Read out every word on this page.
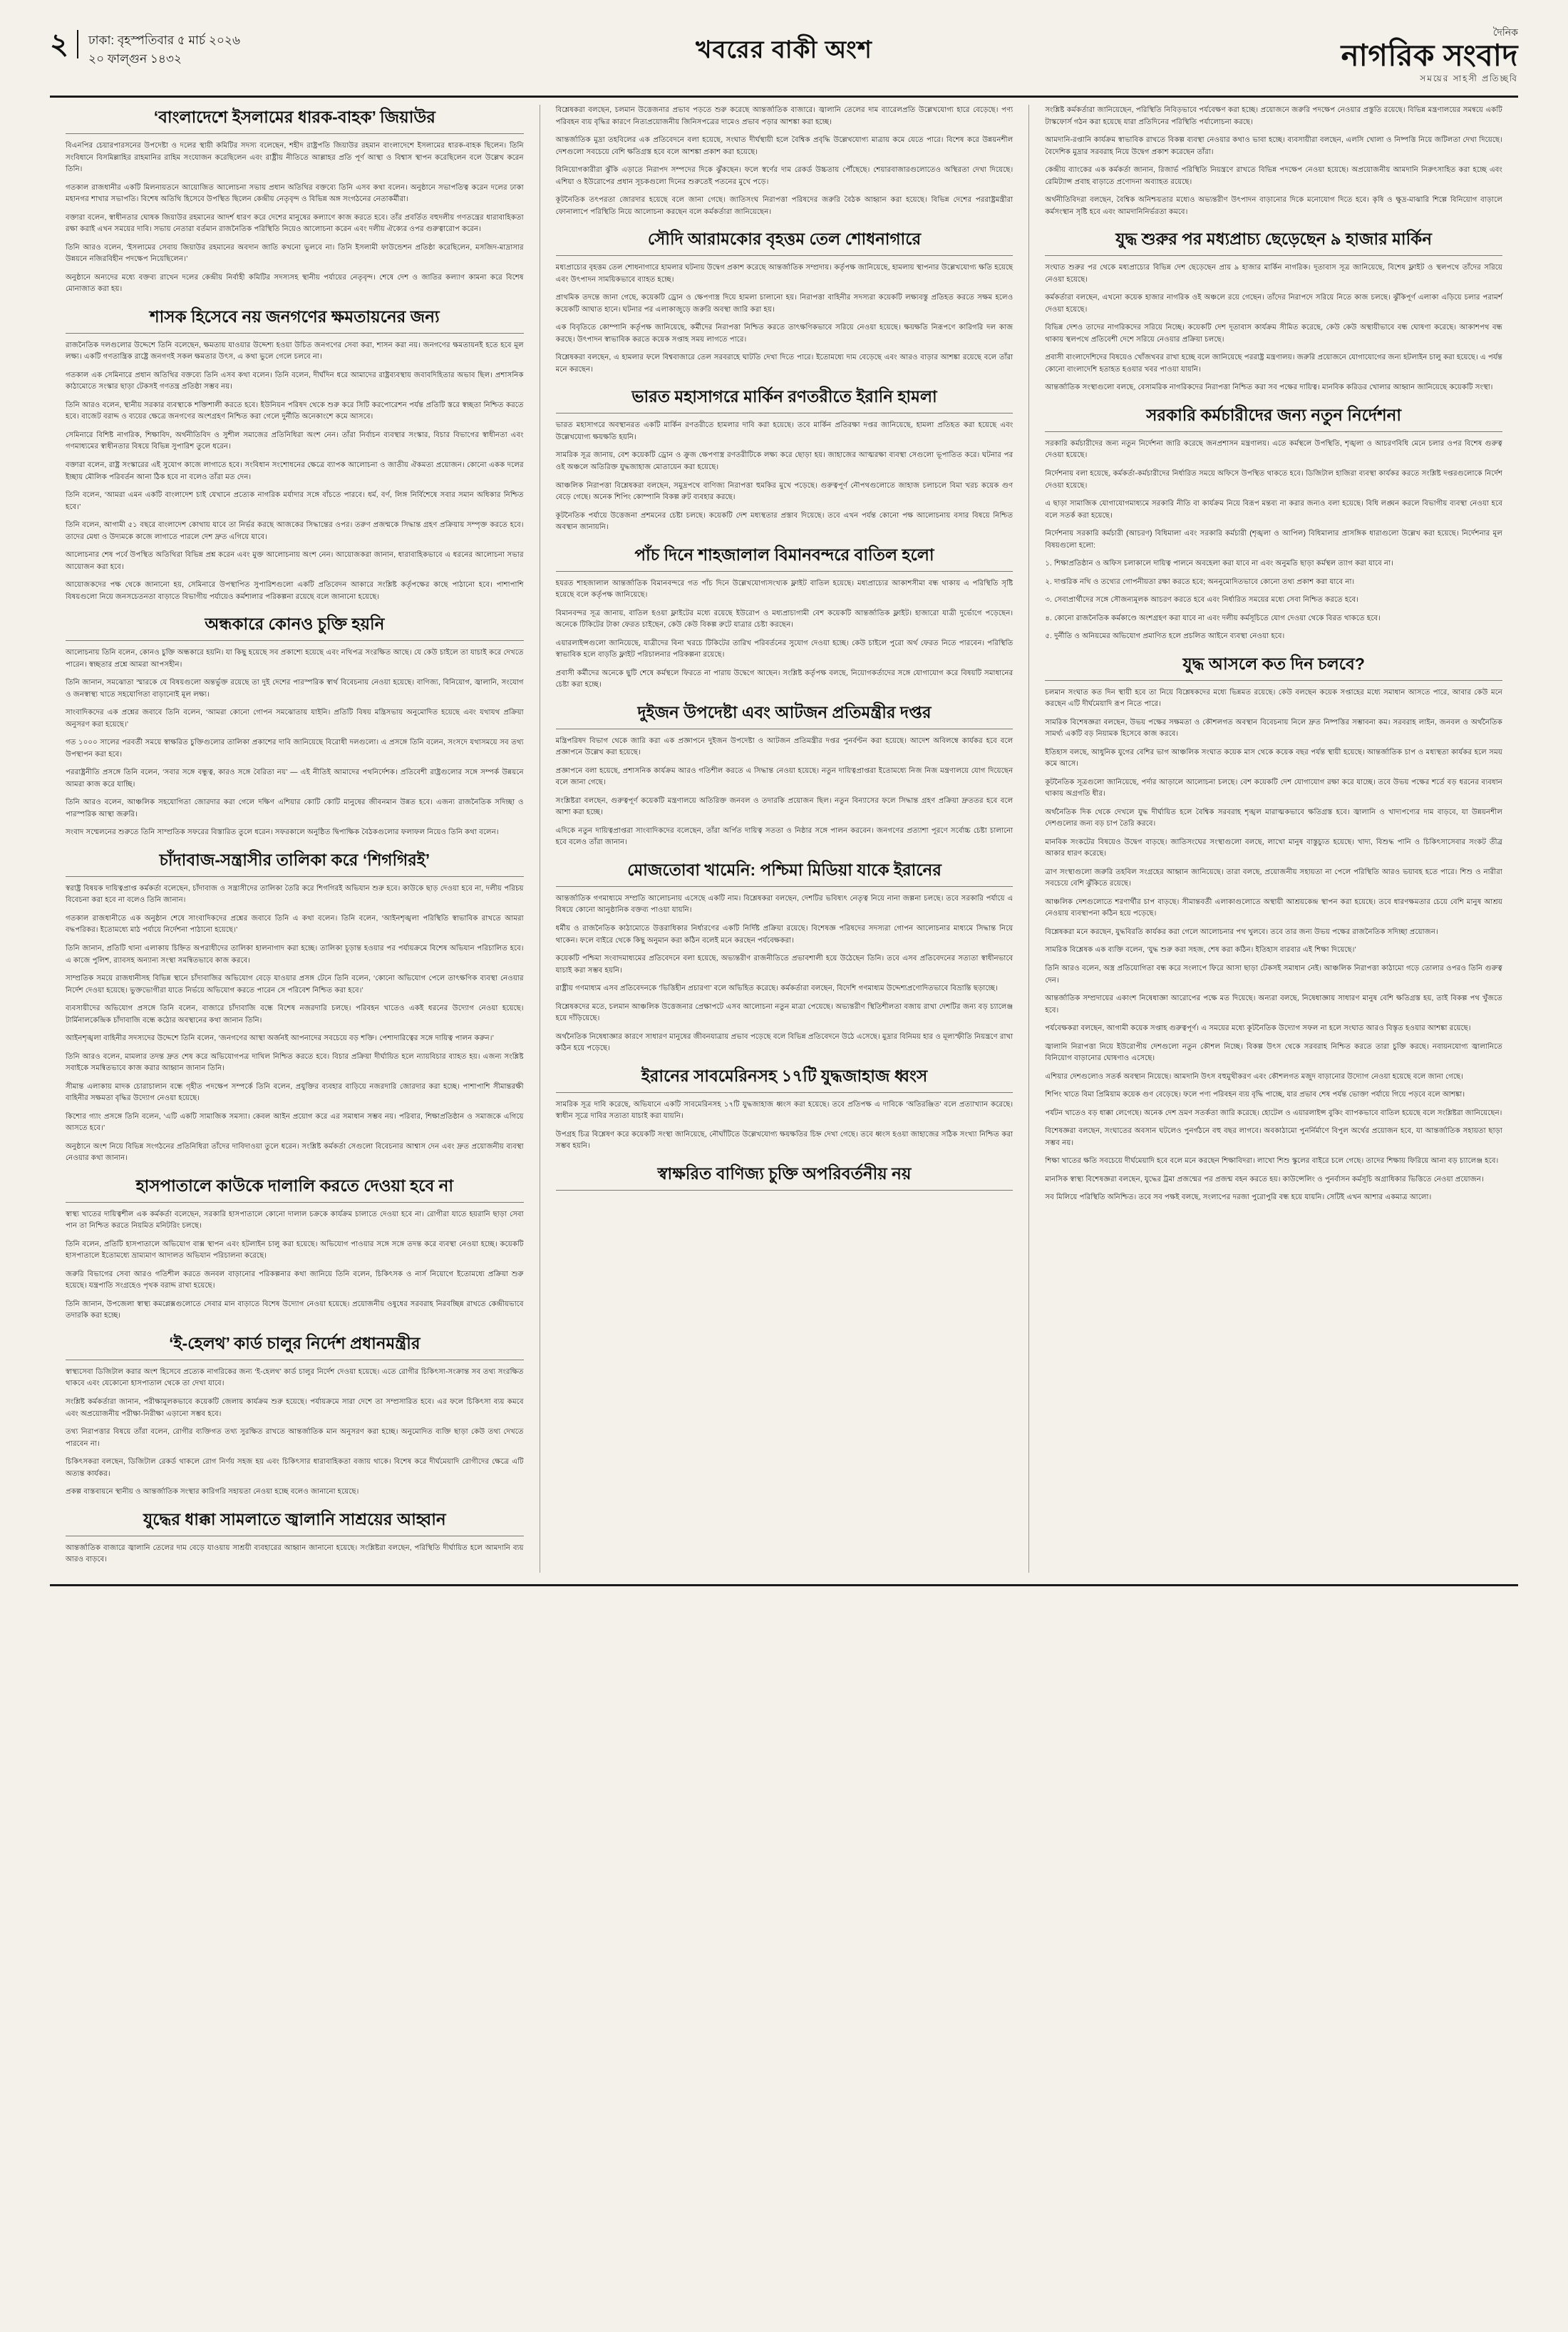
২	ঢাকা: বৃহস্পতিবার ৫ মার্চ ২০২৬
২০ ফাল্গুন ১৪৩২	খবরের বাকী অংশ
দৈনিক
নাগরিক সংবাদ
সময়ের সাহসী প্রতিচ্ছবি
‘বাংলাদেশে ইসলামের ধারক-বাহক’ জিয়াউর

বিএনপির চেয়ারপারসনের উপদেষ্টা ও দলের স্থায়ী কমিটির সদস্য বলেছেন, শহীদ রাষ্ট্রপতি জিয়াউর রহমান বাংলাদেশে ইসলামের ধারক-বাহক ছিলেন। তিনি সংবিধানে বিসমিল্লাহির রাহমানির রাহিম সংযোজন করেছিলেন এবং রাষ্ট্রীয় নীতিতে আল্লাহর প্রতি পূর্ণ আস্থা ও বিশ্বাস স্থাপন করেছিলেন বলে উল্লেখ করেন তিনি।

গতকাল রাজধানীর একটি মিলনায়তনে আয়োজিত আলোচনা সভায় প্রধান অতিথির বক্তব্যে তিনি এসব কথা বলেন। অনুষ্ঠানে সভাপতিত্ব করেন দলের ঢাকা মহানগর শাখার সভাপতি। বিশেষ অতিথি হিসেবে উপস্থিত ছিলেন কেন্দ্রীয় নেতৃবৃন্দ ও বিভিন্ন অঙ্গ সংগঠনের নেতাকর্মীরা।

বক্তারা বলেন, স্বাধীনতার ঘোষক জিয়াউর রহমানের আদর্শ ধারণ করে দেশের মানুষের কল্যাণে কাজ করতে হবে। তাঁর প্রবর্তিত বহুদলীয় গণতন্ত্রের ধারাবাহিকতা রক্ষা করাই এখন সময়ের দাবি। সভায় নেতারা বর্তমান রাজনৈতিক পরিস্থিতি নিয়েও আলোচনা করেন এবং দলীয় ঐক্যের ওপর গুরুত্বারোপ করেন।

তিনি আরও বলেন, ‘ইসলামের সেবায় জিয়াউর রহমানের অবদান জাতি কখনো ভুলবে না। তিনি ইসলামী ফাউন্ডেশন প্রতিষ্ঠা করেছিলেন, মসজিদ-মাদ্রাসার উন্নয়নে নজিরবিহীন পদক্ষেপ নিয়েছিলেন।’

অনুষ্ঠানে অন্যদের মধ্যে বক্তব্য রাখেন দলের কেন্দ্রীয় নির্বাহী কমিটির সদস্যসহ স্থানীয় পর্যায়ের নেতৃবৃন্দ। শেষে দেশ ও জাতির কল্যাণ কামনা করে বিশেষ মোনাজাত করা হয়।

শাসক হিসেবে নয় জনগণের ক্ষমতায়নের জন্য

রাজনৈতিক দলগুলোর উদ্দেশে তিনি বলেছেন, ক্ষমতায় যাওয়ার উদ্দেশ্য হওয়া উচিত জনগণের সেবা করা, শাসন করা নয়। জনগণের ক্ষমতায়নই হতে হবে মূল লক্ষ্য। একটি গণতান্ত্রিক রাষ্ট্রে জনগণই সকল ক্ষমতার উৎস, এ কথা ভুলে গেলে চলবে না।

গতকাল এক সেমিনারে প্রধান অতিথির বক্তব্যে তিনি এসব কথা বলেন। তিনি বলেন, দীর্ঘদিন ধরে আমাদের রাষ্ট্রব্যবস্থায় জবাবদিহিতার অভাব ছিল। প্রশাসনিক কাঠামোতে সংস্কার ছাড়া টেকসই গণতন্ত্র প্রতিষ্ঠা সম্ভব নয়।

তিনি আরও বলেন, স্থানীয় সরকার ব্যবস্থাকে শক্তিশালী করতে হবে। ইউনিয়ন পরিষদ থেকে শুরু করে সিটি করপোরেশন পর্যন্ত প্রতিটি স্তরে স্বচ্ছতা নিশ্চিত করতে হবে। বাজেট বরাদ্দ ও ব্যয়ের ক্ষেত্রে জনগণের অংশগ্রহণ নিশ্চিত করা গেলে দুর্নীতি অনেকাংশে কমে আসবে।

সেমিনারে বিশিষ্ট নাগরিক, শিক্ষাবিদ, অর্থনীতিবিদ ও সুশীল সমাজের প্রতিনিধিরা অংশ নেন। তাঁরা নির্বাচন ব্যবস্থার সংস্কার, বিচার বিভাগের স্বাধীনতা এবং গণমাধ্যমের স্বাধীনতার বিষয়ে বিভিন্ন সুপারিশ তুলে ধরেন।

বক্তারা বলেন, রাষ্ট্র সংস্কারের এই সুযোগ কাজে লাগাতে হবে। সংবিধান সংশোধনের ক্ষেত্রে ব্যাপক আলোচনা ও জাতীয় ঐকমত্য প্রয়োজন। কোনো একক দলের ইচ্ছায় মৌলিক পরিবর্তন আনা ঠিক হবে না বলেও তাঁরা মত দেন।

তিনি বলেন, ‘আমরা এমন একটি বাংলাদেশ চাই যেখানে প্রত্যেক নাগরিক মর্যাদার সঙ্গে বাঁচতে পারবে। ধর্ম, বর্ণ, লিঙ্গ নির্বিশেষে সবার সমান অধিকার নিশ্চিত হবে।’

তিনি বলেন, আগামী ৫১ বছরে বাংলাদেশ কোথায় যাবে তা নির্ভর করছে আজকের সিদ্ধান্তের ওপর। তরুণ প্রজন্মকে সিদ্ধান্ত গ্রহণ প্রক্রিয়ায় সম্পৃক্ত করতে হবে। তাদের মেধা ও উদ্যমকে কাজে লাগাতে পারলে দেশ দ্রুত এগিয়ে যাবে।

আলোচনার শেষ পর্বে উপস্থিত অতিথিরা বিভিন্ন প্রশ্ন করেন এবং মুক্ত আলোচনায় অংশ নেন। আয়োজকরা জানান, ধারাবাহিকভাবে এ ধরনের আলোচনা সভার আয়োজন করা হবে।

আয়োজকদের পক্ষ থেকে জানানো হয়, সেমিনারে উপস্থাপিত সুপারিশগুলো একটি প্রতিবেদন আকারে সংশ্লিষ্ট কর্তৃপক্ষের কাছে পাঠানো হবে। পাশাপাশি বিষয়গুলো নিয়ে জনসচেতনতা বাড়াতে বিভাগীয় পর্যায়েও কর্মশালার পরিকল্পনা রয়েছে বলে জানানো হয়েছে।

অন্ধকারে কোনও চুক্তি হয়নি

আলোচনায় তিনি বলেন, কোনও চুক্তি অন্ধকারে হয়নি। যা কিছু হয়েছে সব প্রকাশ্যে হয়েছে এবং নথিপত্র সংরক্ষিত আছে। যে কেউ চাইলে তা যাচাই করে দেখতে পারেন। স্বচ্ছতার প্রশ্নে আমরা আপসহীন।

তিনি জানান, সমঝোতা স্মারকে যে বিষয়গুলো অন্তর্ভুক্ত রয়েছে তা দুই দেশের পারস্পরিক স্বার্থ বিবেচনায় নেওয়া হয়েছে। বাণিজ্য, বিনিয়োগ, জ্বালানি, সংযোগ ও জনস্বাস্থ্য খাতে সহযোগিতা বাড়ানোই মূল লক্ষ্য।

সাংবাদিকদের এক প্রশ্নের জবাবে তিনি বলেন, ‘আমরা কোনো গোপন সমঝোতায় যাইনি। প্রতিটি বিষয় মন্ত্রিসভায় অনুমোদিত হয়েছে এবং যথাযথ প্রক্রিয়া অনুসরণ করা হয়েছে।’

গত ১০০০ সালের পরবর্তী সময়ে স্বাক্ষরিত চুক্তিগুলোর তালিকা প্রকাশের দাবি জানিয়েছে বিরোধী দলগুলো। এ প্রসঙ্গে তিনি বলেন, সংসদে যথাসময়ে সব তথ্য উপস্থাপন করা হবে।

পররাষ্ট্রনীতি প্রসঙ্গে তিনি বলেন, ‘সবার সঙ্গে বন্ধুত্ব, কারও সঙ্গে বৈরিতা নয়’ — এই নীতিই আমাদের পথনির্দেশক। প্রতিবেশী রাষ্ট্রগুলোর সঙ্গে সম্পর্ক উন্নয়নে আমরা কাজ করে যাচ্ছি।

তিনি আরও বলেন, আঞ্চলিক সহযোগিতা জোরদার করা গেলে দক্ষিণ এশিয়ার কোটি কোটি মানুষের জীবনমান উন্নত হবে। এজন্য রাজনৈতিক সদিচ্ছা ও পারস্পরিক আস্থা জরুরি।

সংবাদ সম্মেলনের শুরুতে তিনি সাম্প্রতিক সফরের বিস্তারিত তুলে ধরেন। সফরকালে অনুষ্ঠিত দ্বিপাক্ষিক বৈঠকগুলোর ফলাফল নিয়েও তিনি কথা বলেন।

চাঁদাবাজ-সন্ত্রাসীর তালিকা করে ‘শিগগিরই’

স্বরাষ্ট্র বিষয়ক দায়িত্বপ্রাপ্ত কর্মকর্তা বলেছেন, চাঁদাবাজ ও সন্ত্রাসীদের তালিকা তৈরি করে শিগগিরই অভিযান শুরু হবে। কাউকে ছাড় দেওয়া হবে না, দলীয় পরিচয় বিবেচনা করা হবে না বলেও তিনি জানান।

গতকাল রাজধানীতে এক অনুষ্ঠান শেষে সাংবাদিকদের প্রশ্নের জবাবে তিনি এ কথা বলেন। তিনি বলেন, ‘আইনশৃঙ্খলা পরিস্থিতি স্বাভাবিক রাখতে আমরা বদ্ধপরিকর। ইতোমধ্যে মাঠ পর্যায়ে নির্দেশনা পাঠানো হয়েছে।’

তিনি জানান, প্রতিটি থানা এলাকায় চিহ্নিত অপরাধীদের তালিকা হালনাগাদ করা হচ্ছে। তালিকা চূড়ান্ত হওয়ার পর পর্যায়ক্রমে বিশেষ অভিযান পরিচালিত হবে। এ কাজে পুলিশ, র‍্যাবসহ অন্যান্য সংস্থা সমন্বিতভাবে কাজ করবে।

সাম্প্রতিক সময়ে রাজধানীসহ বিভিন্ন স্থানে চাঁদাবাজির অভিযোগ বেড়ে যাওয়ার প্রসঙ্গ টেনে তিনি বলেন, ‘কোনো অভিযোগ পেলে তাৎক্ষণিক ব্যবস্থা নেওয়ার নির্দেশ দেওয়া হয়েছে। ভুক্তভোগীরা যাতে নির্ভয়ে অভিযোগ করতে পারেন সে পরিবেশ নিশ্চিত করা হবে।’

ব্যবসায়ীদের অভিযোগ প্রসঙ্গে তিনি বলেন, বাজারে চাঁদাবাজি বন্ধে বিশেষ নজরদারি চলছে। পরিবহন খাতেও একই ধরনের উদ্যোগ নেওয়া হয়েছে। টার্মিনালকেন্দ্রিক চাঁদাবাজি বন্ধে কঠোর অবস্থানের কথা জানান তিনি।

আইনশৃঙ্খলা বাহিনীর সদস্যদের উদ্দেশে তিনি বলেন, ‘জনগণের আস্থা অর্জনই আপনাদের সবচেয়ে বড় শক্তি। পেশাদারিত্বের সঙ্গে দায়িত্ব পালন করুন।’

তিনি আরও বলেন, মামলার তদন্ত দ্রুত শেষ করে অভিযোগপত্র দাখিল নিশ্চিত করতে হবে। বিচার প্রক্রিয়া দীর্ঘায়িত হলে ন্যায়বিচার ব্যাহত হয়। এজন্য সংশ্লিষ্ট সবাইকে সমন্বিতভাবে কাজ করার আহ্বান জানান তিনি।

সীমান্ত এলাকায় মাদক চোরাচালান বন্ধে গৃহীত পদক্ষেপ সম্পর্কে তিনি বলেন, প্রযুক্তির ব্যবহার বাড়িয়ে নজরদারি জোরদার করা হচ্ছে। পাশাপাশি সীমান্তরক্ষী বাহিনীর সক্ষমতা বৃদ্ধির উদ্যোগ নেওয়া হয়েছে।

কিশোর গ্যাং প্রসঙ্গে তিনি বলেন, ‘এটি একটি সামাজিক সমস্যা। কেবল আইন প্রয়োগ করে এর সমাধান সম্ভব নয়। পরিবার, শিক্ষাপ্রতিষ্ঠান ও সমাজকে এগিয়ে আসতে হবে।’

অনুষ্ঠানে অংশ নিয়ে বিভিন্ন সংগঠনের প্রতিনিধিরা তাঁদের দাবিদাওয়া তুলে ধরেন। সংশ্লিষ্ট কর্মকর্তা সেগুলো বিবেচনার আশ্বাস দেন এবং দ্রুত প্রয়োজনীয় ব্যবস্থা নেওয়ার কথা জানান।

হাসপাতালে কাউকে দালালি করতে দেওয়া হবে না

স্বাস্থ্য খাতের দায়িত্বশীল এক কর্মকর্তা বলেছেন, সরকারি হাসপাতালে কোনো দালাল চক্রকে কার্যক্রম চালাতে দেওয়া হবে না। রোগীরা যাতে হয়রানি ছাড়া সেবা পান তা নিশ্চিত করতে নিয়মিত মনিটরিং চলছে।

তিনি বলেন, প্রতিটি হাসপাতালে অভিযোগ বাক্স স্থাপন এবং হটলাইন চালু করা হয়েছে। অভিযোগ পাওয়ার সঙ্গে সঙ্গে তদন্ত করে ব্যবস্থা নেওয়া হচ্ছে। কয়েকটি হাসপাতালে ইতোমধ্যে ভ্রাম্যমাণ আদালত অভিযান পরিচালনা করেছে।

জরুরি বিভাগের সেবা আরও গতিশীল করতে জনবল বাড়ানোর পরিকল্পনার কথা জানিয়ে তিনি বলেন, চিকিৎসক ও নার্স নিয়োগে ইতোমধ্যে প্রক্রিয়া শুরু হয়েছে। যন্ত্রপাতি সংগ্রহেও পৃথক বরাদ্দ রাখা হয়েছে।

তিনি জানান, উপজেলা স্বাস্থ্য কমপ্লেক্সগুলোতে সেবার মান বাড়াতে বিশেষ উদ্যোগ নেওয়া হয়েছে। প্রয়োজনীয় ওষুধের সরবরাহ নিরবচ্ছিন্ন রাখতে কেন্দ্রীয়ভাবে তদারকি করা হচ্ছে।

‘ই-হেলথ’ কার্ড চালুর নির্দেশ প্রধানমন্ত্রীর

স্বাস্থ্যসেবা ডিজিটাল করার অংশ হিসেবে প্রত্যেক নাগরিকের জন্য ‘ই-হেলথ’ কার্ড চালুর নির্দেশ দেওয়া হয়েছে। এতে রোগীর চিকিৎসা-সংক্রান্ত সব তথ্য সংরক্ষিত থাকবে এবং যেকোনো হাসপাতাল থেকে তা দেখা যাবে।

সংশ্লিষ্ট কর্মকর্তারা জানান, পরীক্ষামূলকভাবে কয়েকটি জেলায় কার্যক্রম শুরু হয়েছে। পর্যায়ক্রমে সারা দেশে তা সম্প্রসারিত হবে। এর ফলে চিকিৎসা ব্যয় কমবে এবং অপ্রয়োজনীয় পরীক্ষা-নিরীক্ষা এড়ানো সম্ভব হবে।

তথ্য নিরাপত্তার বিষয়ে তাঁরা বলেন, রোগীর ব্যক্তিগত তথ্য সুরক্ষিত রাখতে আন্তর্জাতিক মান অনুসরণ করা হচ্ছে। অনুমোদিত ব্যক্তি ছাড়া কেউ তথ্য দেখতে পারবেন না।

চিকিৎসকরা বলছেন, ডিজিটাল রেকর্ড থাকলে রোগ নির্ণয় সহজ হয় এবং চিকিৎসার ধারাবাহিকতা বজায় থাকে। বিশেষ করে দীর্ঘমেয়াদি রোগীদের ক্ষেত্রে এটি অত্যন্ত কার্যকর।

প্রকল্প বাস্তবায়নে স্থানীয় ও আন্তর্জাতিক সংস্থার কারিগরি সহায়তা নেওয়া হচ্ছে বলেও জানানো হয়েছে।

যুদ্ধের ধাক্কা সামলাতে জ্বালানি সাশ্রয়ের আহ্বান

আন্তর্জাতিক বাজারে জ্বালানি তেলের দাম বেড়ে যাওয়ায় সাশ্রয়ী ব্যবহারের আহ্বান জানানো হয়েছে। সংশ্লিষ্টরা বলছেন, পরিস্থিতি দীর্ঘায়িত হলে আমদানি ব্যয় আরও বাড়বে।

বিশ্লেষকরা বলছেন, চলমান উত্তেজনার প্রভাব পড়তে শুরু করেছে আন্তর্জাতিক বাজারে। জ্বালানি তেলের দাম ব্যারেলপ্রতি উল্লেখযোগ্য হারে বেড়েছে। পণ্য পরিবহন ব্যয় বৃদ্ধির কারণে নিত্যপ্রয়োজনীয় জিনিসপত্রের দামেও প্রভাব পড়ার আশঙ্কা করা হচ্ছে।

আন্তর্জাতিক মুদ্রা তহবিলের এক প্রতিবেদনে বলা হয়েছে, সংঘাত দীর্ঘস্থায়ী হলে বৈশ্বিক প্রবৃদ্ধি উল্লেখযোগ্য মাত্রায় কমে যেতে পারে। বিশেষ করে উন্নয়নশীল দেশগুলো সবচেয়ে বেশি ক্ষতিগ্রস্ত হবে বলে আশঙ্কা প্রকাশ করা হয়েছে।

বিনিয়োগকারীরা ঝুঁকি এড়াতে নিরাপদ সম্পদের দিকে ঝুঁকছেন। ফলে স্বর্ণের দাম রেকর্ড উচ্চতায় পৌঁছেছে। শেয়ারবাজারগুলোতেও অস্থিরতা দেখা দিয়েছে। এশিয়া ও ইউরোপের প্রধান সূচকগুলো দিনের শুরুতেই পতনের মুখে পড়ে।

কূটনৈতিক তৎপরতা জোরদার হয়েছে বলে জানা গেছে। জাতিসংঘ নিরাপত্তা পরিষদের জরুরি বৈঠক আহ্বান করা হয়েছে। বিভিন্ন দেশের পররাষ্ট্রমন্ত্রীরা ফোনালাপে পরিস্থিতি নিয়ে আলোচনা করছেন বলে কর্মকর্তারা জানিয়েছেন।

সৌদি আরামকোর বৃহত্তম তেল শোধনাগারে

মধ্যপ্রাচ্যের বৃহত্তম তেল শোধনাগারে হামলার ঘটনায় উদ্বেগ প্রকাশ করেছে আন্তর্জাতিক সম্প্রদায়। কর্তৃপক্ষ জানিয়েছে, হামলায় স্থাপনার উল্লেখযোগ্য ক্ষতি হয়েছে এবং উৎপাদন সাময়িকভাবে ব্যাহত হচ্ছে।

প্রাথমিক তদন্তে জানা গেছে, কয়েকটি ড্রোন ও ক্ষেপণাস্ত্র দিয়ে হামলা চালানো হয়। নিরাপত্তা বাহিনীর সদস্যরা কয়েকটি লক্ষ্যবস্তু প্রতিহত করতে সক্ষম হলেও কয়েকটি আঘাত হানে। ঘটনার পর এলাকাজুড়ে জরুরি অবস্থা জারি করা হয়।

এক বিবৃতিতে কোম্পানি কর্তৃপক্ষ জানিয়েছে, কর্মীদের নিরাপত্তা নিশ্চিত করতে তাৎক্ষণিকভাবে সরিয়ে নেওয়া হয়েছে। ক্ষয়ক্ষতি নিরূপণে কারিগরি দল কাজ করছে। উৎপাদন স্বাভাবিক করতে কয়েক সপ্তাহ সময় লাগতে পারে।

বিশ্লেষকরা বলছেন, এ হামলার ফলে বিশ্ববাজারে তেল সরবরাহে ঘাটতি দেখা দিতে পারে। ইতোমধ্যে দাম বেড়েছে এবং আরও বাড়ার আশঙ্কা রয়েছে বলে তাঁরা মনে করছেন।

ভারত মহাসাগরে মার্কিন রণতরীতে ইরানি হামলা

ভারত মহাসাগরে অবস্থানরত একটি মার্কিন রণতরীতে হামলার দাবি করা হয়েছে। তবে মার্কিন প্রতিরক্ষা দপ্তর জানিয়েছে, হামলা প্রতিহত করা হয়েছে এবং উল্লেখযোগ্য ক্ষয়ক্ষতি হয়নি।

সামরিক সূত্র জানায়, বেশ কয়েকটি ড্রোন ও ক্রুজ ক্ষেপণাস্ত্র রণতরীটিকে লক্ষ্য করে ছোড়া হয়। জাহাজের আত্মরক্ষা ব্যবস্থা সেগুলো ভূপাতিত করে। ঘটনার পর ওই অঞ্চলে অতিরিক্ত যুদ্ধজাহাজ মোতায়েন করা হয়েছে।

আঞ্চলিক নিরাপত্তা বিশ্লেষকরা বলছেন, সমুদ্রপথে বাণিজ্য নিরাপত্তা হুমকির মুখে পড়েছে। গুরুত্বপূর্ণ নৌপথগুলোতে জাহাজ চলাচলে বিমা খরচ কয়েক গুণ বেড়ে গেছে। অনেক শিপিং কোম্পানি বিকল্প রুট ব্যবহার করছে।

কূটনৈতিক পর্যায়ে উত্তেজনা প্রশমনের চেষ্টা চলছে। কয়েকটি দেশ মধ্যস্থতার প্রস্তাব দিয়েছে। তবে এখন পর্যন্ত কোনো পক্ষ আলোচনায় বসার বিষয়ে নিশ্চিত অবস্থান জানায়নি।

পাঁচ দিনে শাহজালাল বিমানবন্দরে বাতিল হলো

হযরত শাহজালাল আন্তর্জাতিক বিমানবন্দরে গত পাঁচ দিনে উল্লেখযোগ্যসংখ্যক ফ্লাইট বাতিল হয়েছে। মধ্যপ্রাচ্যের আকাশসীমা বন্ধ থাকায় এ পরিস্থিতি সৃষ্টি হয়েছে বলে কর্তৃপক্ষ জানিয়েছে।

বিমানবন্দর সূত্র জানায়, বাতিল হওয়া ফ্লাইটের মধ্যে রয়েছে ইউরোপ ও মধ্যপ্রাচ্যগামী বেশ কয়েকটি আন্তর্জাতিক ফ্লাইট। হাজারো যাত্রী দুর্ভোগে পড়েছেন। অনেকে টিকিটের টাকা ফেরত চাইছেন, কেউ কেউ বিকল্প রুটে যাত্রার চেষ্টা করছেন।

এয়ারলাইন্সগুলো জানিয়েছে, যাত্রীদের বিনা খরচে টিকিটের তারিখ পরিবর্তনের সুযোগ দেওয়া হচ্ছে। কেউ চাইলে পুরো অর্থ ফেরত নিতে পারবেন। পরিস্থিতি স্বাভাবিক হলে বাড়তি ফ্লাইট পরিচালনার পরিকল্পনা রয়েছে।

প্রবাসী কর্মীদের অনেকে ছুটি শেষে কর্মস্থলে ফিরতে না পারায় উদ্বেগে আছেন। সংশ্লিষ্ট কর্তৃপক্ষ বলছে, নিয়োগকর্তাদের সঙ্গে যোগাযোগ করে বিষয়টি সমাধানের চেষ্টা করা হচ্ছে।

দুইজন উপদেষ্টা এবং আটজন প্রতিমন্ত্রীর দপ্তর

মন্ত্রিপরিষদ বিভাগ থেকে জারি করা এক প্রজ্ঞাপনে দুইজন উপদেষ্টা ও আটজন প্রতিমন্ত্রীর দপ্তর পুনর্বণ্টন করা হয়েছে। আদেশ অবিলম্বে কার্যকর হবে বলে প্রজ্ঞাপনে উল্লেখ করা হয়েছে।

প্রজ্ঞাপনে বলা হয়েছে, প্রশাসনিক কার্যক্রম আরও গতিশীল করতে এ সিদ্ধান্ত নেওয়া হয়েছে। নতুন দায়িত্বপ্রাপ্তরা ইতোমধ্যে নিজ নিজ মন্ত্রণালয়ে যোগ দিয়েছেন বলে জানা গেছে।

সংশ্লিষ্টরা বলছেন, গুরুত্বপূর্ণ কয়েকটি মন্ত্রণালয়ে অতিরিক্ত জনবল ও তদারকি প্রয়োজন ছিল। নতুন বিন্যাসের ফলে সিদ্ধান্ত গ্রহণ প্রক্রিয়া দ্রুততর হবে বলে আশা করা হচ্ছে।

এদিকে নতুন দায়িত্বপ্রাপ্তরা সাংবাদিকদের বলেছেন, তাঁরা অর্পিত দায়িত্ব সততা ও নিষ্ঠার সঙ্গে পালন করবেন। জনগণের প্রত্যাশা পূরণে সর্বোচ্চ চেষ্টা চালানো হবে বলেও তাঁরা জানান।

মোজতোবা খামেনি: পশ্চিমা মিডিয়া যাকে ইরানের

আন্তর্জাতিক গণমাধ্যমে সম্প্রতি আলোচনায় এসেছে একটি নাম। বিশ্লেষকরা বলছেন, দেশটির ভবিষ্যৎ নেতৃত্ব নিয়ে নানা জল্পনা চলছে। তবে সরকারি পর্যায়ে এ বিষয়ে কোনো আনুষ্ঠানিক বক্তব্য পাওয়া যায়নি।

ধর্মীয় ও রাজনৈতিক কাঠামোতে উত্তরাধিকার নির্ধারণের একটি নির্দিষ্ট প্রক্রিয়া রয়েছে। বিশেষজ্ঞ পরিষদের সদস্যরা গোপন আলোচনার মাধ্যমে সিদ্ধান্ত নিয়ে থাকেন। ফলে বাইরে থেকে কিছু অনুমান করা কঠিন বলেই মনে করছেন পর্যবেক্ষকরা।

কয়েকটি পশ্চিমা সংবাদমাধ্যমের প্রতিবেদনে বলা হয়েছে, অভ্যন্তরীণ রাজনীতিতে প্রভাবশালী হয়ে উঠেছেন তিনি। তবে এসব প্রতিবেদনের সত্যতা স্বাধীনভাবে যাচাই করা সম্ভব হয়নি।

রাষ্ট্রীয় গণমাধ্যম এসব প্রতিবেদনকে ‘ভিত্তিহীন প্রচারণা’ বলে অভিহিত করেছে। কর্মকর্তারা বলছেন, বিদেশি গণমাধ্যম উদ্দেশ্যপ্রণোদিতভাবে বিভ্রান্তি ছড়াচ্ছে।

বিশ্লেষকদের মতে, চলমান আঞ্চলিক উত্তেজনার প্রেক্ষাপটে এসব আলোচনা নতুন মাত্রা পেয়েছে। অভ্যন্তরীণ স্থিতিশীলতা বজায় রাখা দেশটির জন্য বড় চ্যালেঞ্জ হয়ে দাঁড়িয়েছে।

অর্থনৈতিক নিষেধাজ্ঞার কারণে সাধারণ মানুষের জীবনযাত্রায় প্রভাব পড়েছে বলে বিভিন্ন প্রতিবেদনে উঠে এসেছে। মুদ্রার বিনিময় হার ও মূল্যস্ফীতি নিয়ন্ত্রণে রাখা কঠিন হয়ে পড়েছে।

ইরানের সাবমেরিনসহ ১৭টি যুদ্ধজাহাজ ধ্বংস

সামরিক সূত্র দাবি করেছে, অভিযানে একটি সাবমেরিনসহ ১৭টি যুদ্ধজাহাজ ধ্বংস করা হয়েছে। তবে প্রতিপক্ষ এ দাবিকে ‘অতিরঞ্জিত’ বলে প্রত্যাখ্যান করেছে। স্বাধীন সূত্রে দাবির সত্যতা যাচাই করা যায়নি।

উপগ্রহ চিত্র বিশ্লেষণ করে কয়েকটি সংস্থা জানিয়েছে, নৌঘাঁটিতে উল্লেখযোগ্য ক্ষয়ক্ষতির চিহ্ন দেখা গেছে। তবে ধ্বংস হওয়া জাহাজের সঠিক সংখ্যা নিশ্চিত করা সম্ভব হয়নি।

স্বাক্ষরিত বাণিজ্য চুক্তি অপরিবর্তনীয় নয়

সংশ্লিষ্ট কর্মকর্তারা জানিয়েছেন, পরিস্থিতি নিবিড়ভাবে পর্যবেক্ষণ করা হচ্ছে। প্রয়োজনে জরুরি পদক্ষেপ নেওয়ার প্রস্তুতি রয়েছে। বিভিন্ন মন্ত্রণালয়ের সমন্বয়ে একটি টাস্কফোর্স গঠন করা হয়েছে যারা প্রতিদিনের পরিস্থিতি পর্যালোচনা করছে।

আমদানি-রপ্তানি কার্যক্রম স্বাভাবিক রাখতে বিকল্প ব্যবস্থা নেওয়ার কথাও ভাবা হচ্ছে। ব্যবসায়ীরা বলছেন, এলসি খোলা ও নিষ্পত্তি নিয়ে জটিলতা দেখা দিয়েছে। বৈদেশিক মুদ্রার সরবরাহ নিয়ে উদ্বেগ প্রকাশ করেছেন তাঁরা।

কেন্দ্রীয় ব্যাংকের এক কর্মকর্তা জানান, রিজার্ভ পরিস্থিতি নিয়ন্ত্রণে রাখতে বিভিন্ন পদক্ষেপ নেওয়া হয়েছে। অপ্রয়োজনীয় আমদানি নিরুৎসাহিত করা হচ্ছে এবং রেমিট্যান্স প্রবাহ বাড়াতে প্রণোদনা অব্যাহত রয়েছে।

অর্থনীতিবিদরা বলছেন, বৈশ্বিক অনিশ্চয়তার মধ্যেও অভ্যন্তরীণ উৎপাদন বাড়ানোর দিকে মনোযোগ দিতে হবে। কৃষি ও ক্ষুদ্র-মাঝারি শিল্পে বিনিয়োগ বাড়ালে কর্মসংস্থান সৃষ্টি হবে এবং আমদানিনির্ভরতা কমবে।

যুদ্ধ শুরুর পর মধ্যপ্রাচ্য ছেড়েছেন ৯ হাজার মার্কিন

সংঘাত শুরুর পর থেকে মধ্যপ্রাচ্যের বিভিন্ন দেশ ছেড়েছেন প্রায় ৯ হাজার মার্কিন নাগরিক। দূতাবাস সূত্র জানিয়েছে, বিশেষ ফ্লাইট ও স্থলপথে তাঁদের সরিয়ে নেওয়া হয়েছে।

কর্মকর্তারা বলছেন, এখনো কয়েক হাজার নাগরিক ওই অঞ্চলে রয়ে গেছেন। তাঁদের নিরাপদে সরিয়ে নিতে কাজ চলছে। ঝুঁকিপূর্ণ এলাকা এড়িয়ে চলার পরামর্শ দেওয়া হয়েছে।

বিভিন্ন দেশও তাদের নাগরিকদের সরিয়ে নিচ্ছে। কয়েকটি দেশ দূতাবাস কার্যক্রম সীমিত করেছে, কেউ কেউ অস্থায়ীভাবে বন্ধ ঘোষণা করেছে। আকাশপথ বন্ধ থাকায় স্থলপথে প্রতিবেশী দেশে সরিয়ে নেওয়ার প্রক্রিয়া চলছে।

প্রবাসী বাংলাদেশিদের বিষয়েও খোঁজখবর রাখা হচ্ছে বলে জানিয়েছে পররাষ্ট্র মন্ত্রণালয়। জরুরি প্রয়োজনে যোগাযোগের জন্য হটলাইন চালু করা হয়েছে। এ পর্যন্ত কোনো বাংলাদেশি হতাহত হওয়ার খবর পাওয়া যায়নি।

আন্তর্জাতিক সংস্থাগুলো বলছে, বেসামরিক নাগরিকদের নিরাপত্তা নিশ্চিত করা সব পক্ষের দায়িত্ব। মানবিক করিডর খোলার আহ্বান জানিয়েছে কয়েকটি সংস্থা।

সরকারি কর্মচারীদের জন্য নতুন নির্দেশনা

সরকারি কর্মচারীদের জন্য নতুন নির্দেশনা জারি করেছে জনপ্রশাসন মন্ত্রণালয়। এতে কর্মস্থলে উপস্থিতি, শৃঙ্খলা ও আচরণবিধি মেনে চলার ওপর বিশেষ গুরুত্ব দেওয়া হয়েছে।

নির্দেশনায় বলা হয়েছে, কর্মকর্তা-কর্মচারীদের নির্ধারিত সময়ে অফিসে উপস্থিত থাকতে হবে। ডিজিটাল হাজিরা ব্যবস্থা কার্যকর করতে সংশ্লিষ্ট দপ্তরগুলোকে নির্দেশ দেওয়া হয়েছে।

এ ছাড়া সামাজিক যোগাযোগমাধ্যমে সরকারি নীতি বা কার্যক্রম নিয়ে বিরূপ মন্তব্য না করার জন্যও বলা হয়েছে। বিধি লঙ্ঘন করলে বিভাগীয় ব্যবস্থা নেওয়া হবে বলে সতর্ক করা হয়েছে।

নির্দেশনায় সরকারি কর্মচারী (আচরণ) বিধিমালা এবং সরকারি কর্মচারী (শৃঙ্খলা ও আপিল) বিধিমালার প্রাসঙ্গিক ধারাগুলো উল্লেখ করা হয়েছে। নির্দেশনার মূল বিষয়গুলো হলো:

১. শিক্ষাপ্রতিষ্ঠান ও অফিস চলাকালে দায়িত্ব পালনে অবহেলা করা যাবে না এবং অনুমতি ছাড়া কর্মস্থল ত্যাগ করা যাবে না।

২. দাপ্তরিক নথি ও তথ্যের গোপনীয়তা রক্ষা করতে হবে; অননুমোদিতভাবে কোনো তথ্য প্রকাশ করা যাবে না।

৩. সেবাপ্রার্থীদের সঙ্গে সৌজন্যমূলক আচরণ করতে হবে এবং নির্ধারিত সময়ের মধ্যে সেবা নিশ্চিত করতে হবে।

৪. কোনো রাজনৈতিক কর্মকাণ্ডে অংশগ্রহণ করা যাবে না এবং দলীয় কর্মসূচিতে যোগ দেওয়া থেকে বিরত থাকতে হবে।

৫. দুর্নীতি ও অনিয়মের অভিযোগ প্রমাণিত হলে প্রচলিত আইনে ব্যবস্থা নেওয়া হবে।

যুদ্ধ আসলে কত দিন চলবে?

চলমান সংঘাত কত দিন স্থায়ী হবে তা নিয়ে বিশ্লেষকদের মধ্যে ভিন্নমত রয়েছে। কেউ বলছেন কয়েক সপ্তাহের মধ্যে সমাধান আসতে পারে, আবার কেউ মনে করছেন এটি দীর্ঘমেয়াদি রূপ নিতে পারে।

সামরিক বিশেষজ্ঞরা বলছেন, উভয় পক্ষের সক্ষমতা ও কৌশলগত অবস্থান বিবেচনায় নিলে দ্রুত নিষ্পত্তির সম্ভাবনা কম। সরবরাহ লাইন, জনবল ও অর্থনৈতিক সামর্থ্য একটি বড় নিয়ামক হিসেবে কাজ করবে।

ইতিহাস বলছে, আধুনিক যুগের বেশির ভাগ আঞ্চলিক সংঘাত কয়েক মাস থেকে কয়েক বছর পর্যন্ত স্থায়ী হয়েছে। আন্তর্জাতিক চাপ ও মধ্যস্থতা কার্যকর হলে সময় কমে আসে।

কূটনৈতিক সূত্রগুলো জানিয়েছে, পর্দার আড়ালে আলোচনা চলছে। বেশ কয়েকটি দেশ যোগাযোগ রক্ষা করে যাচ্ছে। তবে উভয় পক্ষের শর্তে বড় ধরনের ব্যবধান থাকায় অগ্রগতি ধীর।

অর্থনৈতিক দিক থেকে দেখলে যুদ্ধ দীর্ঘায়িত হলে বৈশ্বিক সরবরাহ শৃঙ্খল মারাত্মকভাবে ক্ষতিগ্রস্ত হবে। জ্বালানি ও খাদ্যপণ্যের দাম বাড়বে, যা উন্নয়নশীল দেশগুলোর জন্য বড় চাপ তৈরি করবে।

মানবিক সংকটের বিষয়েও উদ্বেগ বাড়ছে। জাতিসংঘের সংস্থাগুলো বলছে, লাখো মানুষ বাস্তুচ্যুত হয়েছে। খাদ্য, বিশুদ্ধ পানি ও চিকিৎসাসেবার সংকট তীব্র আকার ধারণ করেছে।

ত্রাণ সংস্থাগুলো জরুরি তহবিল সংগ্রহের আহ্বান জানিয়েছে। তারা বলছে, প্রয়োজনীয় সহায়তা না পেলে পরিস্থিতি আরও ভয়াবহ হতে পারে। শিশু ও নারীরা সবচেয়ে বেশি ঝুঁকিতে রয়েছে।

আঞ্চলিক দেশগুলোতে শরণার্থীর চাপ বাড়ছে। সীমান্তবর্তী এলাকাগুলোতে অস্থায়ী আশ্রয়কেন্দ্র স্থাপন করা হয়েছে। তবে ধারণক্ষমতার চেয়ে বেশি মানুষ আশ্রয় নেওয়ায় ব্যবস্থাপনা কঠিন হয়ে পড়েছে।

বিশ্লেষকরা মনে করছেন, যুদ্ধবিরতি কার্যকর করা গেলে আলোচনার পথ খুলবে। তবে তার জন্য উভয় পক্ষের রাজনৈতিক সদিচ্ছা প্রয়োজন।

সামরিক বিশ্লেষক এক ব্যক্তি বলেন, ‘যুদ্ধ শুরু করা সহজ, শেষ করা কঠিন। ইতিহাস বারবার এই শিক্ষা দিয়েছে।’

তিনি আরও বলেন, অস্ত্র প্রতিযোগিতা বন্ধ করে সংলাপে ফিরে আসা ছাড়া টেকসই সমাধান নেই। আঞ্চলিক নিরাপত্তা কাঠামো গড়ে তোলার ওপরও তিনি গুরুত্ব দেন।

আন্তর্জাতিক সম্প্রদায়ের একাংশ নিষেধাজ্ঞা আরোপের পক্ষে মত দিয়েছে। অন্যরা বলছে, নিষেধাজ্ঞায় সাধারণ মানুষ বেশি ক্ষতিগ্রস্ত হয়, তাই বিকল্প পথ খুঁজতে হবে।

পর্যবেক্ষকরা বলছেন, আগামী কয়েক সপ্তাহ গুরুত্বপূর্ণ। এ সময়ের মধ্যে কূটনৈতিক উদ্যোগ সফল না হলে সংঘাত আরও বিস্তৃত হওয়ার আশঙ্কা রয়েছে।

জ্বালানি নিরাপত্তা নিয়ে ইউরোপীয় দেশগুলো নতুন কৌশল নিচ্ছে। বিকল্প উৎস থেকে সরবরাহ নিশ্চিত করতে তারা চুক্তি করছে। নবায়নযোগ্য জ্বালানিতে বিনিয়োগ বাড়ানোর ঘোষণাও এসেছে।

এশিয়ার দেশগুলোও সতর্ক অবস্থান নিয়েছে। আমদানি উৎস বহুমুখীকরণ এবং কৌশলগত মজুদ বাড়ানোর উদ্যোগ নেওয়া হয়েছে বলে জানা গেছে।

শিপিং খাতে বিমা প্রিমিয়াম কয়েক গুণ বেড়েছে। ফলে পণ্য পরিবহন ব্যয় বৃদ্ধি পাচ্ছে, যার প্রভাব শেষ পর্যন্ত ভোক্তা পর্যায়ে গিয়ে পড়বে বলে আশঙ্কা।

পর্যটন খাতেও বড় ধাক্কা লেগেছে। অনেক দেশ ভ্রমণ সতর্কতা জারি করেছে। হোটেল ও এয়ারলাইন্স বুকিং ব্যাপকভাবে বাতিল হয়েছে বলে সংশ্লিষ্টরা জানিয়েছেন।

বিশেষজ্ঞরা বলছেন, সংঘাতের অবসান ঘটলেও পুনর্গঠনে বহু বছর লাগবে। অবকাঠামো পুনর্নির্মাণে বিপুল অর্থের প্রয়োজন হবে, যা আন্তর্জাতিক সহায়তা ছাড়া সম্ভব নয়।

শিক্ষা খাতের ক্ষতি সবচেয়ে দীর্ঘমেয়াদি হবে বলে মনে করছেন শিক্ষাবিদরা। লাখো শিশু স্কুলের বাইরে চলে গেছে। তাদের শিক্ষায় ফিরিয়ে আনা বড় চ্যালেঞ্জ হবে।

মানসিক স্বাস্থ্য বিশেষজ্ঞরা বলছেন, যুদ্ধের ট্রমা প্রজন্মের পর প্রজন্ম বহন করতে হয়। কাউন্সেলিং ও পুনর্বাসন কর্মসূচি অগ্রাধিকার ভিত্তিতে নেওয়া প্রয়োজন।

সব মিলিয়ে পরিস্থিতি অনিশ্চিত। তবে সব পক্ষই বলছে, সংলাপের দরজা পুরোপুরি বন্ধ হয়ে যায়নি। সেটিই এখন আশার একমাত্র আলো।
